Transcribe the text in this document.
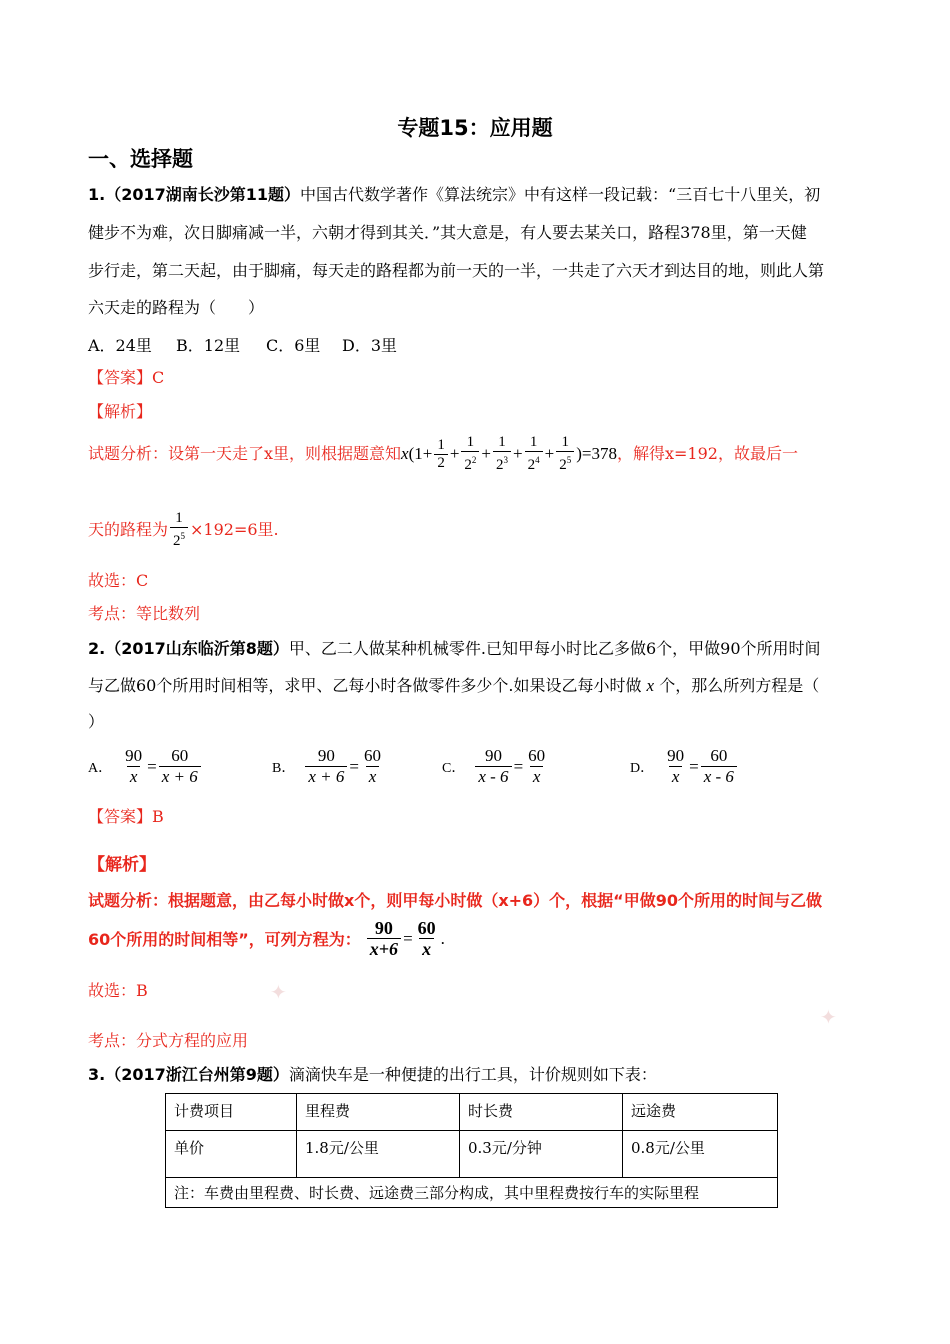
专题15：应用题
一、选择题
1.（2017湖南长沙第11题）中国古代数学著作《算法统宗》中有这样一段记载：“三百七十八里关，初
健步不为难，次日脚痛减一半，六朝才得到其关．”其大意是，有人要去某关口，路程378里，第一天健
步行走，第二天起，由于脚痛，每天走的路程都为前一天的一半，一共走了六天才到达目的地，则此人第
六天走的路程为（　　）
A．24里 B．12里 C．6里 D．3里
【答案】C
【解析】
试题分析：设第一天走了x里，则根据题意知 x ($1+ \frac{1}{2} + \frac{1}{2^2} + \frac{1}{2^3} + \frac{1}{2^4} + \frac{1}{2^5}$ ) =378 ，解得x=192，故最后一
天的路程为 $\frac{1}{2^5} \times 192=6$里.
故选：C
考点：等比数列
2.（2017山东临沂第8题）甲、乙二人做某种机械零件.已知甲每小时比乙多做6个，甲做90个所用时间
与乙做60个所用时间相等，求甲、乙每小时各做零件多少个.如果设乙每小时做 x 个，那么所列方程是（
）
A． $\frac{90}{x} = \frac{60}{x + 6}$	B． $\frac{90}{x + 6} = \frac{60}{x}$	C． $\frac{90}{x - 6} = \frac{60}{x}$	D． $\frac{90}{x} = \frac{60}{x - 6}$
【答案】B
【解析】
试题分析：根据题意，由乙每小时做x个，则甲每小时做（x+6）个，根据“甲做90个所用的时间与乙做
60个所用的时间相等”，可列方程为： $\frac{90}{x+6} = \frac{60}{x}$ .
故选：B
考点：分式方程的应用
✦
✦
3.（2017浙江台州第9题）滴滴快车是一种便捷的出行工具，计价规则如下表：
计费项目	里程费	时长费	远途费
单价	1.8元/公里	0.3元/分钟	0.8元/公里
注：车费由里程费、时长费、远途费三部分构成，其中里程费按行车的实际里程			
